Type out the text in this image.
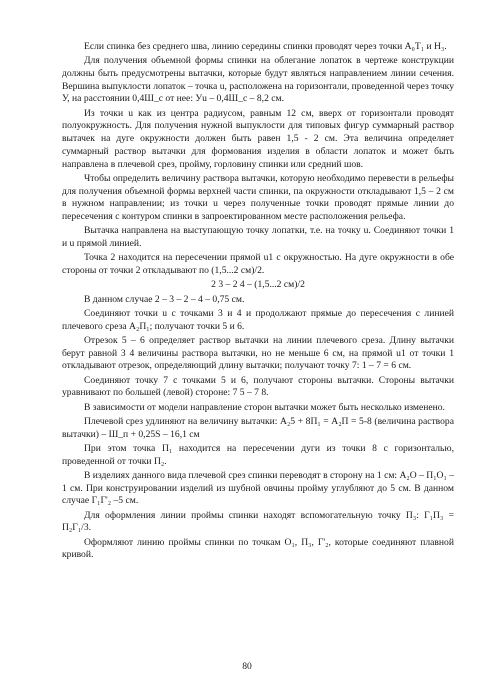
Если спинка без среднего шва, линию середины спинки проводят через точки А₀Т₁ и Н₃.

Для получения объемной формы спинки на облегание лопаток в чертеже конструкции должны быть предусмотрены вытачки, которые будут являться направлением линии сечения. Вершина выпуклости лопаток – точка u, расположена на горизонтали, проведенной через точку У, на расстоянии 0,4Ш_c от нее: Уu – 0,4Ш_c – 8,2 см.

Из точки u как из центра радиусом, равным 12 см, вверх от горизонтали проводят полуокружность. Для получения нужной выпуклости для типовых фигур суммарный раствор вытачек на дуге окружности должен быть равен 1,5 - 2 см. Эта величина определяет суммарный раствор вытачки для формования изделия в области лопаток и может быть направлена в плечевой срез, пройму, горловину спинки или средний шов.

Чтобы определить величину раствора вытачки, которую необходимо перевести в рельефы для получения объемной формы верхней части спинки, па окружности откладывают 1,5 – 2 см в нужном направлении; из точки u через полученные точки проводят прямые линии до пересечения с контуром спинки в запроектированном месте расположения рельефа.

Вытачка направлена на выступающую точку лопатки, т.е. на точку u. Соединяют точки 1 и u прямой линией.

Точка 2 находится на пересечении прямой u1 с окружностью. На дуге окружности в обе стороны от точки 2 откладывают по (1,5...2 см)/2.

2 3 – 2 4 – (1,5...2 см)/2

В данном случае 2 – 3 – 2 – 4 – 0,75 см.

Соединяют точки u с точками 3 и 4 и продолжают прямые до пересечения с линией плечевого среза А₂П₁; получают точки 5 и 6.

Отрезок 5 – 6 определяет раствор вытачки на линии плечевого среза. Длину вытачки берут равной 3 4 величины раствора вытачки, но не меньше 6 см, на прямой u1 от точки 1 откладывают отрезок, определяющий длину вытачки; получают точку 7: 1 – 7 = 6 см.

Соединяют точку 7 с точками 5 и 6, получают стороны вытачки. Стороны вытачки уравнивают по большей (левой) стороне: 7 5 – 7 8.

В зависимости от модели направление сторон вытачки может быть несколько изменено.

Плечевой срез удлиняют на величину вытачки: А₂5 + 8П₁ = А₂П = 5-8 (величина раствора вытачки) – Ш_п + 0,25S – 16,1 см

При этом точка П₁ находится на пересечении дуги из точки 8 с горизонталью, проведенной от точки П₂.

В изделиях данного вида плечевой срез спинки переводят в сторону на 1 см: А₂О – П₁О₁ – 1 см. При конструировании изделий из шубной овчины пройму углубляют до 5 см. В данном случае Г₁Г'₂ –5 см.

Для оформления линии проймы спинки находят вспомогательную точку П₃: Г₁П₃ = П₂Г₁/3.

Оформляют линию проймы спинки по точкам О₁, П₃, Г'₂, которые соединяют плавной кривой.

80
